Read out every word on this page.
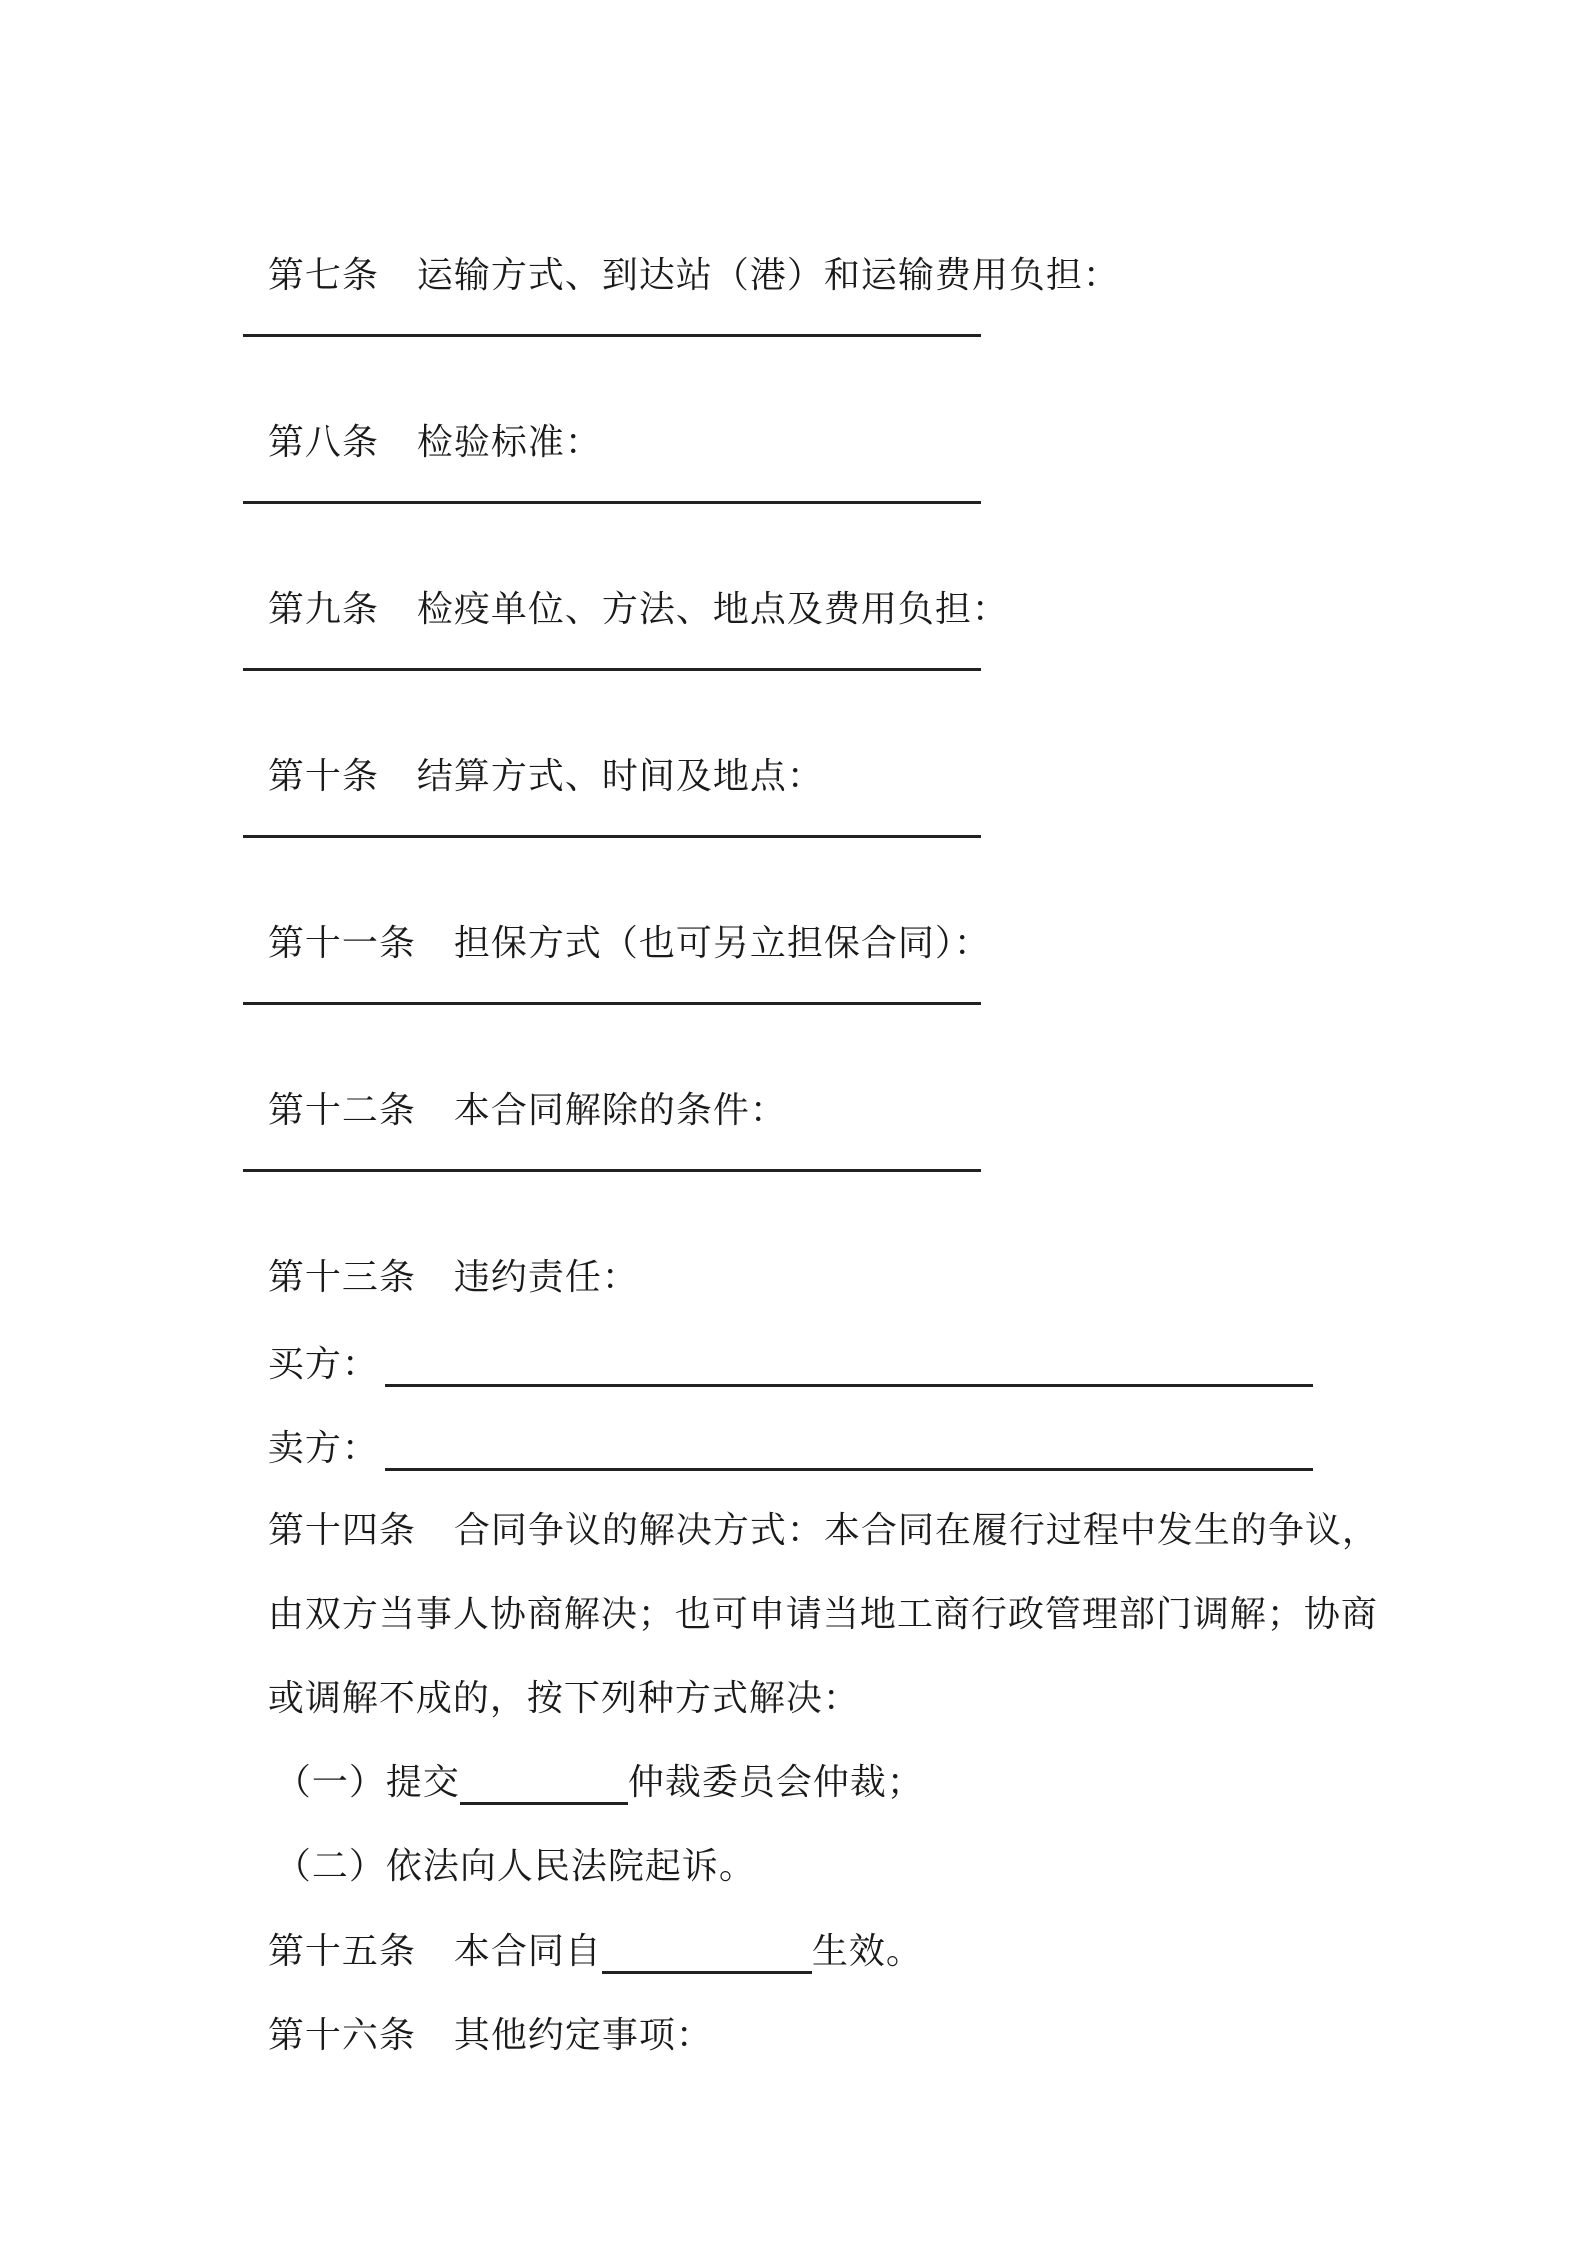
第七条 运输方式、到达站（港）和运输费用负担：

第八条 检验标准：

第九条 检疫单位、方法、地点及费用负担：

第十条 结算方式、时间及地点：

第十一条 担保方式（也可另立担保合同）：

第十二条 本合同解除的条件：

第十三条 违约责任：

买方：

卖方：

第十四条 合同争议的解决方式：本合同在履行过程中发生的争议，

由双方当事人协商解决；也可申请当地工商行政管理部门调解；协商

或调解不成的，按下列种方式解决：

（一）提交	仲裁委员会仲裁；

（二）依法向人民法院起诉。

第十五条 本合同自	生效。

第十六条 其他约定事项：
